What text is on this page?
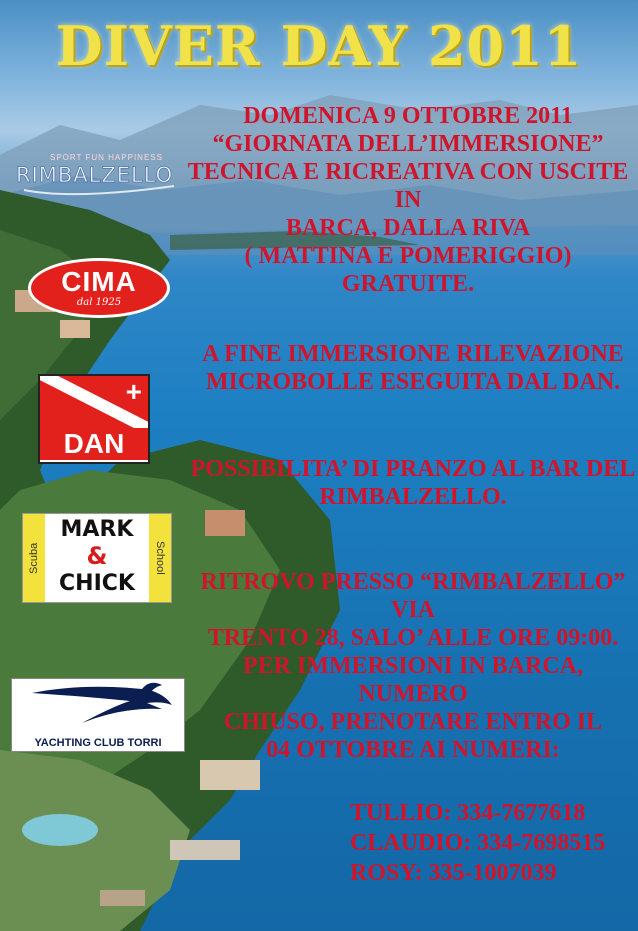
DIVER DAY 2011
DOMENICA 9 OTTOBRE 2011
“GIORNATA DELL’IMMERSIONE”
TECNICA E RICREATIVA CON USCITE IN
BARCA, DALLA RIVA
( MATTINA E POMERIGGIO) GRATUITE.
A FINE IMMERSIONE RILEVAZIONE
MICROBOLLE ESEGUITA DAL DAN.
POSSIBILITA’ DI PRANZO AL BAR DEL
RIMBALZELLO.
RITROVO PRESSO “RIMBALZELLO” VIA
TRENTO 28, SALO’ ALLE ORE 09:00.
PER IMMERSIONI IN BARCA, NUMERO
CHIUSO, PRENOTARE ENTRO IL
04 OTTOBRE AI NUMERI:
TULLIO: 334-7677618
CLAUDIO: 334-7698515
ROSY: 335-1007039
SPORT FUN HAPPINESS
RIMBALZELLO
CIMA
dal 1925
+
DAN
Scuba
MARK
&
CHICK
School
YACHTING CLUB TORRI
